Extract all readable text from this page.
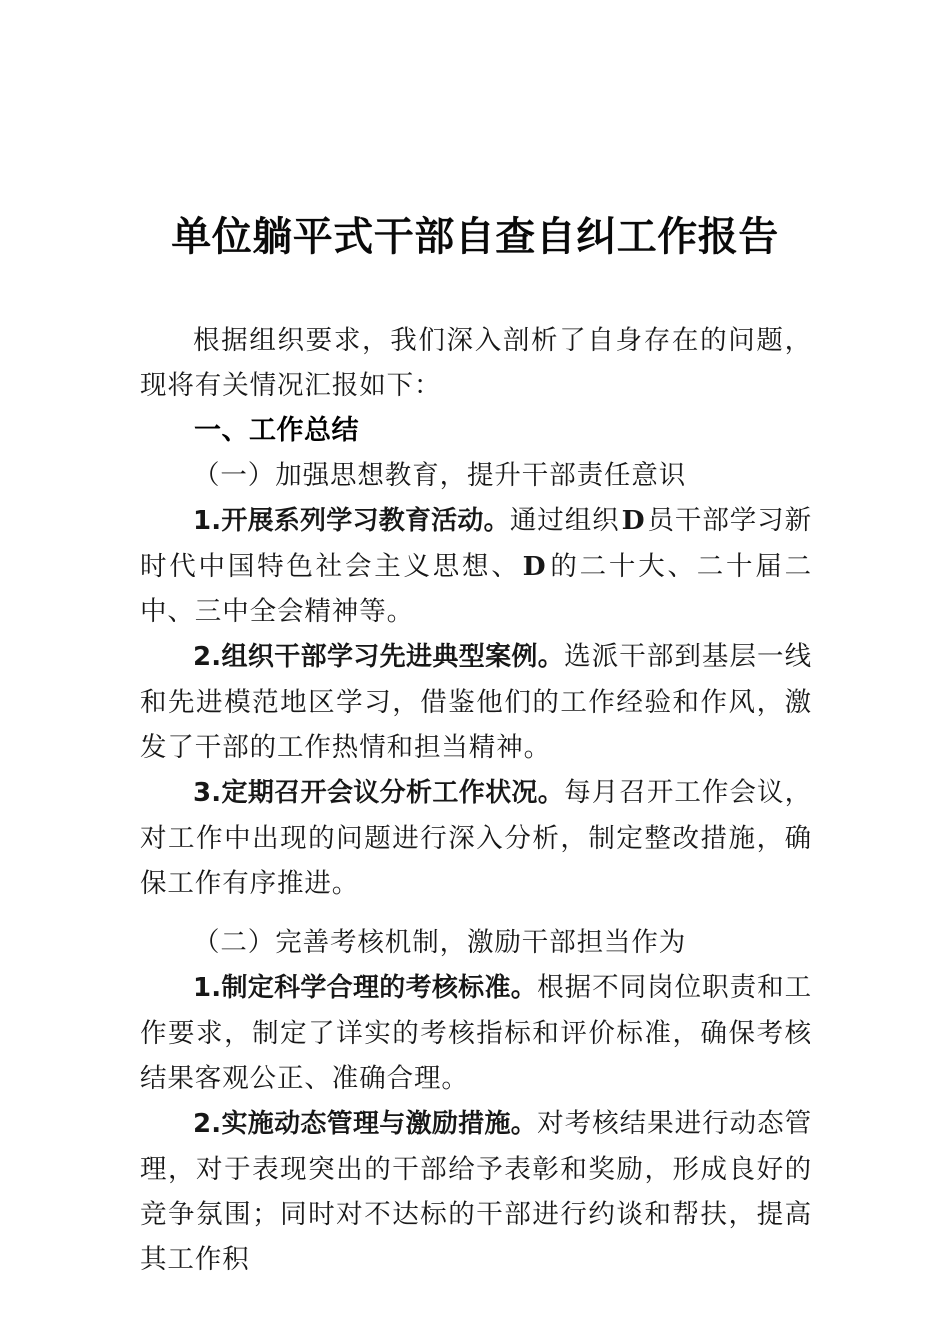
单位躺平式干部自查自纠工作报告

根据组织要求，我们深入剖析了自身存在的问题，现将有关情况汇报如下：

一、工作总结

（一）加强思想教育，提升干部责任意识

1.开展系列学习教育活动。通过组织D员干部学习新时代中国特色社会主义思想、D的二十大、二十届二中、三中全会精神等。

2.组织干部学习先进典型案例。选派干部到基层一线和先进模范地区学习，借鉴他们的工作经验和作风，激发了干部的工作热情和担当精神。

3.定期召开会议分析工作状况。每月召开工作会议，对工作中出现的问题进行深入分析，制定整改措施，确保工作有序推进。

（二）完善考核机制，激励干部担当作为

1.制定科学合理的考核标准。根据不同岗位职责和工作要求，制定了详实的考核指标和评价标准，确保考核结果客观公正、准确合理。

2.实施动态管理与激励措施。对考核结果进行动态管理，对于表现突出的干部给予表彰和奖励，形成良好的竞争氛围；同时对不达标的干部进行约谈和帮扶，提高其工作积
